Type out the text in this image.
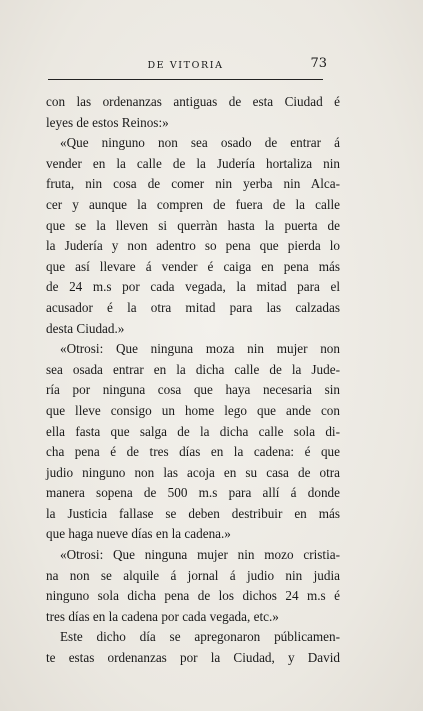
DE VITORIA	73
con las ordenanzas antiguas de esta Ciudad é
leyes de estos Reinos:»
«Que ninguno non sea osado de entrar á
vender en la calle de la Judería hortaliza nin
fruta, nin cosa de comer nin yerba nin Alca-
cer y aunque la compren de fuera de la calle
que se la lleven si querràn hasta la puerta de
la Judería y non adentro so pena que pierda lo
que así llevare á vender é caiga en pena más
de 24 m.s por cada vegada, la mitad para el
acusador é la otra mitad para las calzadas
desta Ciudad.»
«Otrosi: Que ninguna moza nin mujer non
sea osada entrar en la dicha calle de la Jude-
ría por ninguna cosa que haya necesaria sin
que lleve consigo un home lego que ande con
ella fasta que salga de la dicha calle sola di-
cha pena é de tres días en la cadena: é que
judio ninguno non las acoja en su casa de otra
manera sopena de 500 m.s para allí á donde
la Justicia fallase se deben destribuir en más
que haga nueve días en la cadena.»
«Otrosi: Que ninguna mujer nin mozo cristia-
na non se alquile á jornal á judio nin judia
ninguno sola dicha pena de los dichos 24 m.s é
tres días en la cadena por cada vegada, etc.»
Este dicho día se apregonaron públicamen-
te estas ordenanzas por la Ciudad, y David
